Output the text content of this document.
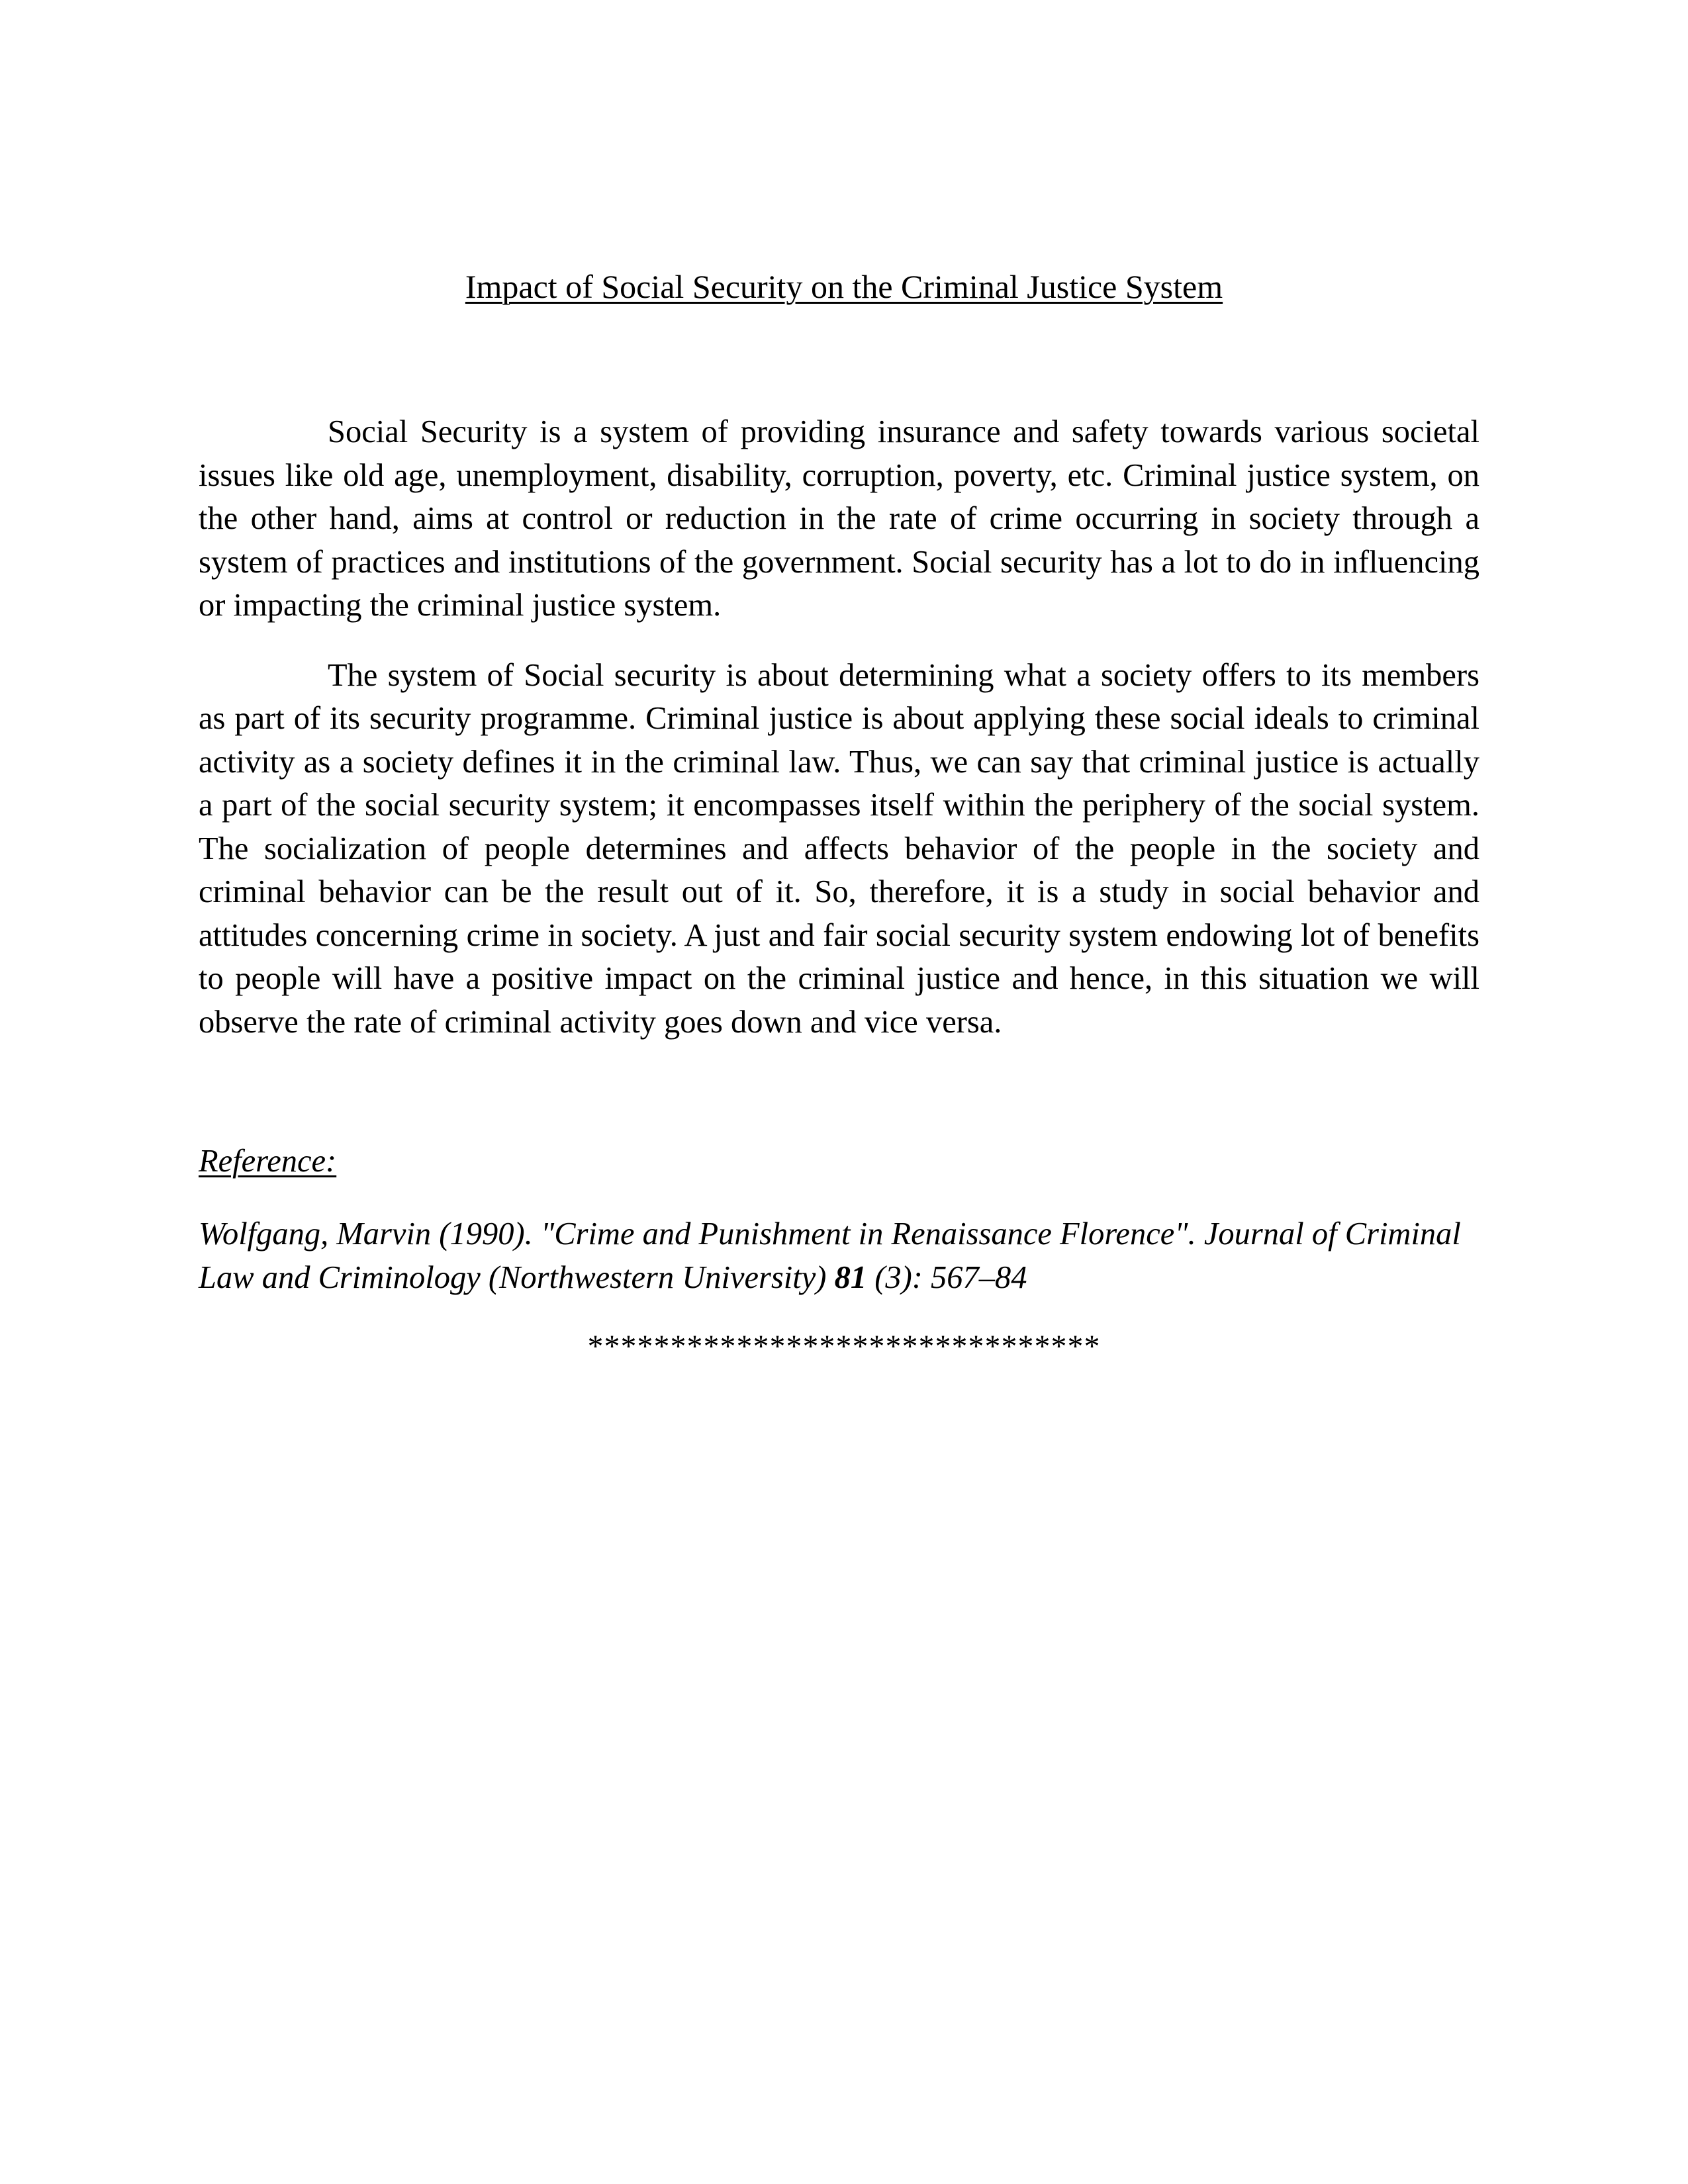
Impact of Social Security on the Criminal Justice System

Social Security is a system of providing insurance and safety towards various societal issues like old age, unemployment, disability, corruption, poverty, etc. Criminal justice system, on the other hand, aims at control or reduction in the rate of crime occurring in society through a system of practices and institutions of the government. Social security has a lot to do in influencing or impacting the criminal justice system.

The system of Social security is about determining what a society offers to its members as part of its security programme. Criminal justice is about applying these social ideals to criminal activity as a society defines it in the criminal law. Thus, we can say that criminal justice is actually a part of the social security system; it encompasses itself within the periphery of the social system. The socialization of people determines and affects behavior of the people in the society and criminal behavior can be the result out of it. So, therefore, it is a study in social behavior and attitudes concerning crime in society. A just and fair social security system endowing lot of benefits to people will have a positive impact on the criminal justice and hence, in this situation we will observe the rate of criminal activity goes down and vice versa.

Reference:

Wolfgang, Marvin (1990). "Crime and Punishment in Renaissance Florence". Journal of Criminal Law and Criminology (Northwestern University) 81 (3): 567–84

*******************************
